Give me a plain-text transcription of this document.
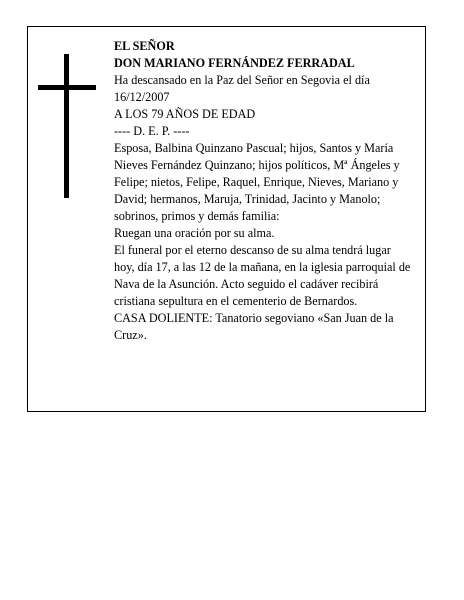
EL SEÑOR

DON MARIANO FERNÁNDEZ FERRADAL

Ha descansado en la Paz del Señor en Segovia el día 16/12/2007

A LOS 79 AÑOS DE EDAD

---- D. E. P. ----

Esposa, Balbina Quinzano Pascual; hijos, Santos y María Nieves Fernández Quinzano; hijos políticos, Mª Ángeles y Felipe; nietos, Felipe, Raquel, Enrique, Nieves, Mariano y David; hermanos, Maruja, Trinidad, Jacinto y Manolo; sobrinos, primos y demás familia:

Ruegan una oración por su alma.

El funeral por el eterno descanso de su alma tendrá lugar hoy, día 17, a las 12 de la mañana, en la iglesia parroquial de Nava de la Asunción. Acto seguido el cadáver recibirá cristiana sepultura en el cementerio de Bernardos.

CASA DOLIENTE: Tanatorio segoviano «San Juan de la Cruz».
